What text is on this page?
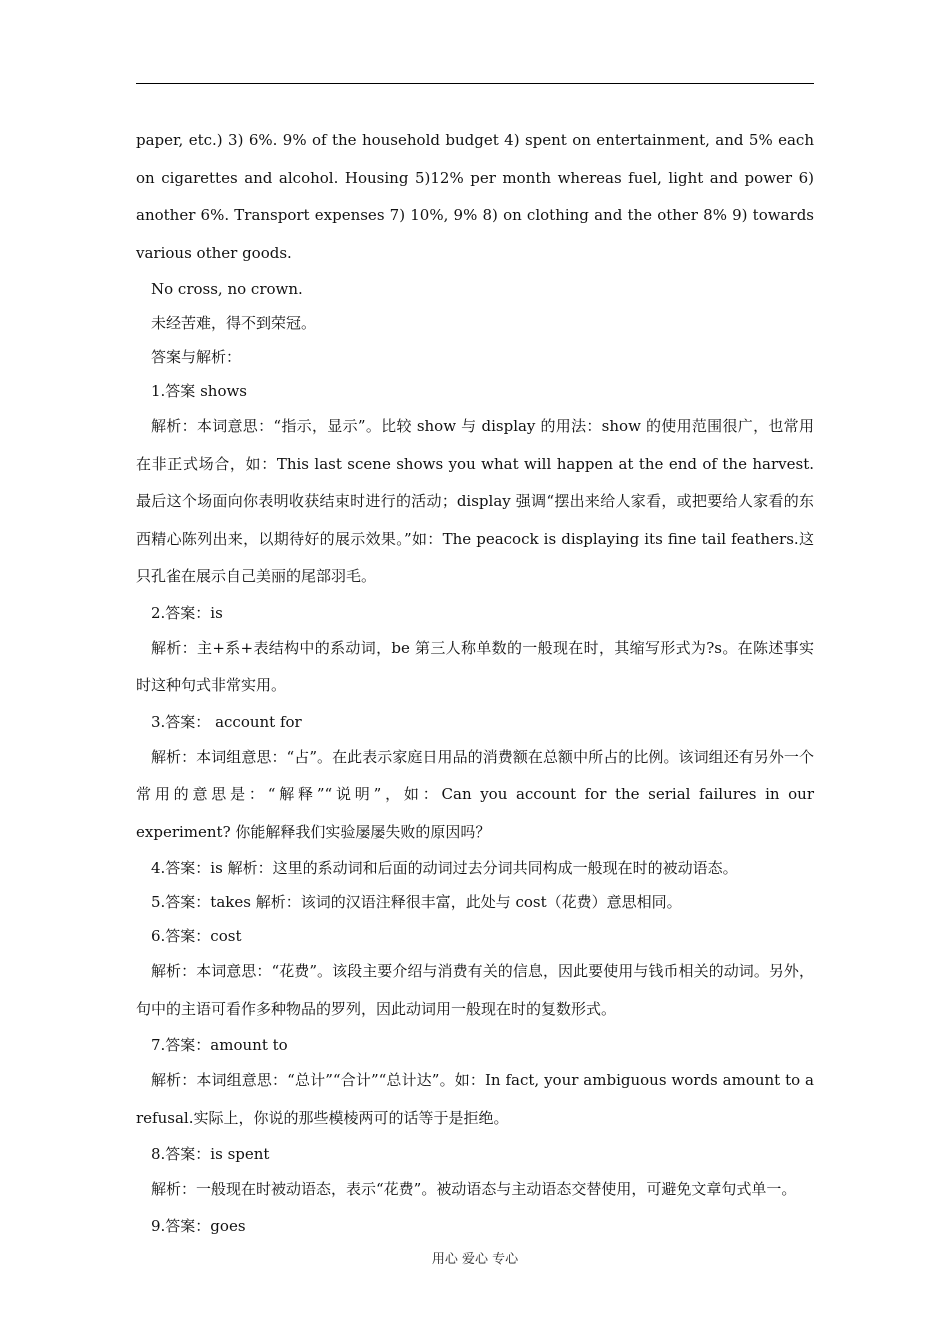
paper, etc.) 3) 6%. 9% of the household budget 4) spent on entertainment, and 5% each on cigarettes and alcohol. Housing 5)12% per month whereas fuel, light and power 6) another 6%. Transport expenses 7) 10%, 9% 8) on clothing and the other 8% 9) towards various other goods.

No cross, no crown.

未经苦难，得不到荣冠。

答案与解析：

1.答案 shows

解析：本词意思：“指示，显示”。比较 show 与 display 的用法：show 的使用范围很广，也常用在非正式场合，如：This last scene shows you what will happen at the end of the harvest.最后这个场面向你表明收获结束时进行的活动；display 强调“摆出来给人家看，或把要给人家看的东西精心陈列出来，以期待好的展示效果。”如：The peacock is displaying its fine tail feathers.这只孔雀在展示自己美丽的尾部羽毛。

2.答案：is

解析：主+系+表结构中的系动词，be 第三人称单数的一般现在时，其缩写形式为?s。在陈述事实时这种句式非常实用。

3.答案： account for

解析：本词组意思：“占”。在此表示家庭日用品的消费额在总额中所占的比例。该词组还有另外一个常用的意思是：“解释”“说明”，如：Can you account for the serial failures in our experiment? 你能解释我们实验屡屡失败的原因吗？

4.答案：is 解析：这里的系动词和后面的动词过去分词共同构成一般现在时的被动语态。

5.答案：takes 解析：该词的汉语注释很丰富，此处与 cost（花费）意思相同。

6.答案：cost

解析：本词意思：“花费”。该段主要介绍与消费有关的信息，因此要使用与钱币相关的动词。另外，句中的主语可看作多种物品的罗列，因此动词用一般现在时的复数形式。

7.答案：amount to

解析：本词组意思：“总计”“合计”“总计达”。如：In fact, your ambiguous words amount to a refusal.实际上，你说的那些模棱两可的话等于是拒绝。

8.答案：is spent

解析：一般现在时被动语态，表示“花费”。被动语态与主动语态交替使用，可避免文章句式单一。

9.答案：goes

用心 爱心 专心
